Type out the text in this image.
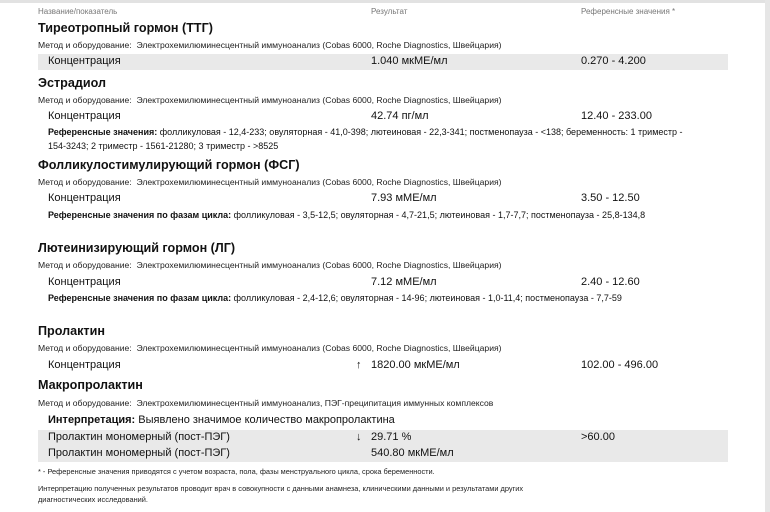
Название/показатель	Результат	Референсные значения *
Тиреотропный гормон (ТТГ)
Метод и оборудование: Электрохемилюминесцентный иммуноанализ (Cobas 6000, Roche Diagnostics, Швейцария)
Концентрация	1.040 мкМЕ/мл	0.270 - 4.200
Эстрадиол
Метод и оборудование: Электрохемилюминесцентный иммуноанализ (Cobas 6000, Roche Diagnostics, Швейцария)
Концентрация	42.74 пг/мл	12.40 - 233.00
Референсные значения: фолликуловая - 12,4-233; овуляторная - 41,0-398; лютеиновая - 22,3-341; постменопауза - <138; беременность: 1 триместр - 154-3243; 2 триместр - 1561-21280; 3 триместр - >8525
Фолликулостимулирующий гормон (ФСГ)
Метод и оборудование: Электрохемилюминесцентный иммуноанализ (Cobas 6000, Roche Diagnostics, Швейцария)
Концентрация	7.93 мМЕ/мл	3.50 - 12.50
Референсные значения по фазам цикла: фолликуловая - 3,5-12,5; овуляторная - 4,7-21,5; лютеиновая - 1,7-7,7; постменопауза - 25,8-134,8
Лютеинизирующий гормон (ЛГ)
Метод и оборудование: Электрохемилюминесцентный иммуноанализ (Cobas 6000, Roche Diagnostics, Швейцария)
Концентрация	7.12 мМЕ/мл	2.40 - 12.60
Референсные значения по фазам цикла: фолликуловая - 2,4-12,6; овуляторная - 14-96; лютеиновая - 1,0-11,4; постменопауза - 7,7-59
Пролактин
Метод и оборудование: Электрохемилюминесцентный иммуноанализ (Cobas 6000, Roche Diagnostics, Швейцария)
Концентрация	↑ 1820.00 мкМЕ/мл	102.00 - 496.00
Макропролактин
Метод и оборудование: Электрохемилюминесцентный иммуноанализ, ПЭГ-преципитация иммунных комплексов
Интерпретация: Выявлено значимое количество макропролактина
Пролактин мономерный (пост-ПЭГ)	↓ 29.71 %	>60.00
Пролактин мономерный (пост-ПЭГ)	540.80 мкМЕ/мл
* - Референсные значения приводятся с учетом возраста, пола, фазы менструального цикла, срока беременности.
Интерпретацию полученных результатов проводит врач в совокупности с данными анамнеза, клиническими данными и результатами других диагностических исследований.
